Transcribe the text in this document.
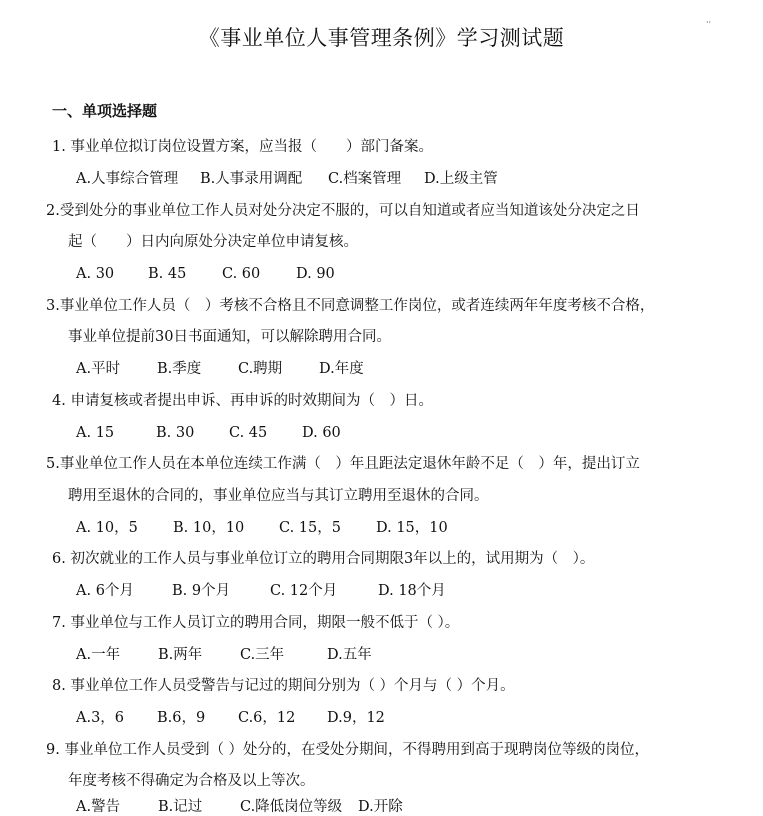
《事业单位人事管理条例》学习测试题
··
一、单项选择题
1. 事业单位拟订岗位设置方案，应当报（　　）部门备案。
A.人事综合管理 B.人事录用调配 C.档案管理 D.上级主管
2.受到处分的事业单位工作人员对处分决定不服的，可以自知道或者应当知道该处分决定之日
起（　　）日内向原处分决定单位申请复核。
A. 30 B. 45 C. 60 D. 90
3.事业单位工作人员（　）考核不合格且不同意调整工作岗位，或者连续两年年度考核不合格，
事业单位提前30日书面通知，可以解除聘用合同。
A.平时	B.季度	C.聘期	D.年度
4. 申请复核或者提出申诉、再申诉的时效期间为（　）日。
A. 15	B. 30 C. 45 D. 60
5.事业单位工作人员在本单位连续工作满（　）年且距法定退休年龄不足（　）年，提出订立
聘用至退休的合同的，事业单位应当与其订立聘用至退休的合同。
A. 10，5 B. 10，10 C. 15，5 D. 15，10
6. 初次就业的工作人员与事业单位订立的聘用合同期限3年以上的，试用期为（　）。
A. 6个月	B. 9个月	C. 12个月	D. 18个月
7. 事业单位与工作人员订立的聘用合同，期限一般不低于（ ）。
A.一年	B.两年	C.三年	D.五年
8. 事业单位工作人员受警告与记过的期间分别为（ ）个月与（ ）个月。
A.3，6 B.6，9 C.6，12 D.9，12
9. 事业单位工作人员受到（ ）处分的，在受处分期间，不得聘用到高于现聘岗位等级的岗位，
年度考核不得确定为合格及以上等次。
A.警告	B.记过	C.降低岗位等级 D.开除
